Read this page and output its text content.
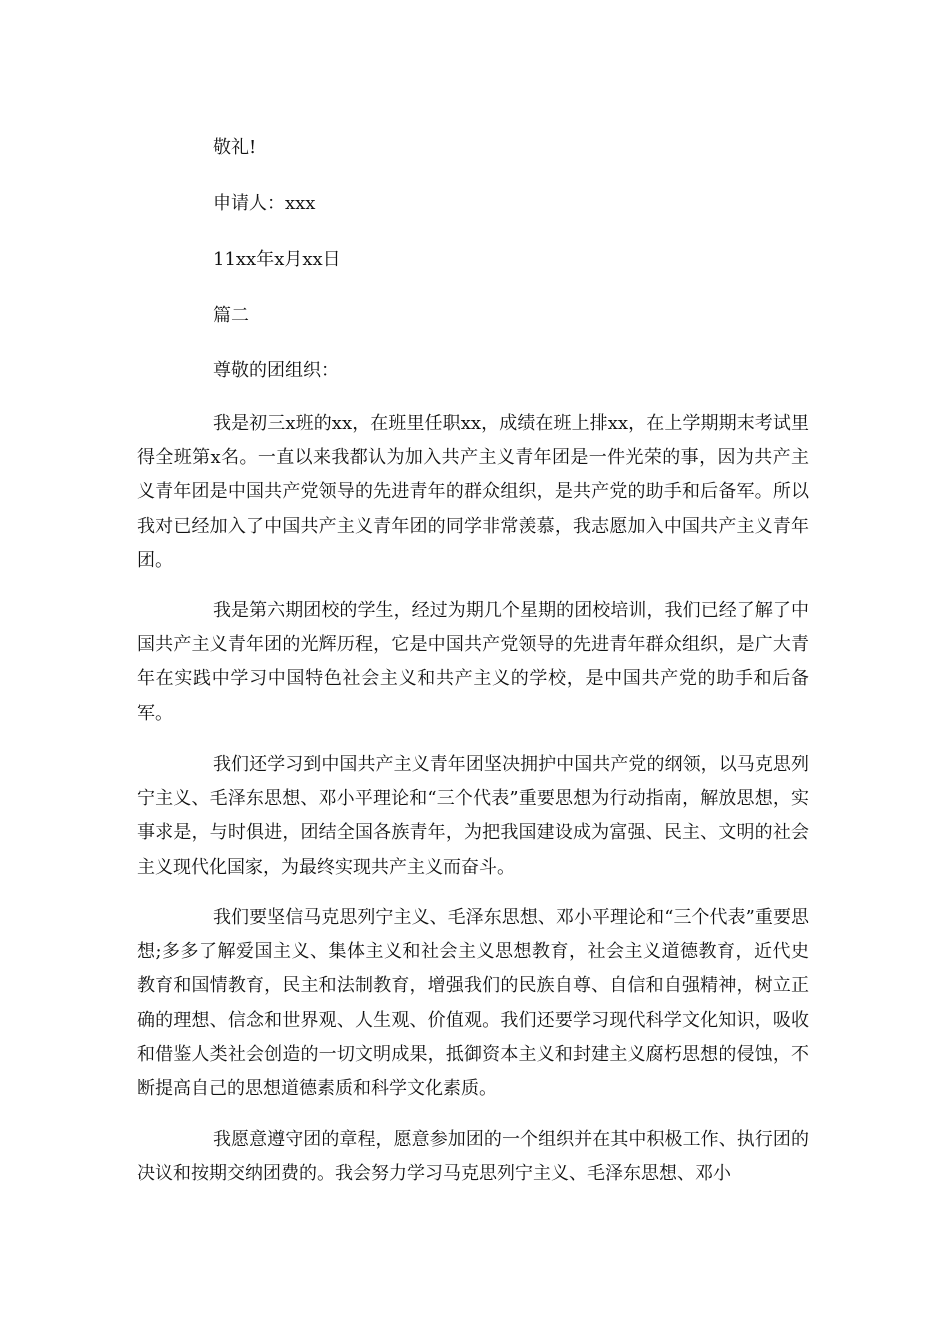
敬礼!

申请人：xxx

11xx年x月xx日

篇二

尊敬的团组织：

我是初三x班的xx，在班里任职xx，成绩在班上排xx，在上学期期末考试里得全班第x名。一直以来我都认为加入共产主义青年团是一件光荣的事，因为共产主义青年团是中国共产党领导的先进青年的群众组织，是共产党的助手和后备军。所以我对已经加入了中国共产主义青年团的同学非常羡慕，我志愿加入中国共产主义青年团。

我是第六期团校的学生，经过为期几个星期的团校培训，我们已经了解了中国共产主义青年团的光辉历程，它是中国共产党领导的先进青年群众组织，是广大青年在实践中学习中国特色社会主义和共产主义的学校，是中国共产党的助手和后备军。

我们还学习到中国共产主义青年团坚决拥护中国共产党的纲领，以马克思列宁主义、毛泽东思想、邓小平理论和“三个代表”重要思想为行动指南，解放思想，实事求是，与时俱进，团结全国各族青年，为把我国建设成为富强、民主、文明的社会主义现代化国家，为最终实现共产主义而奋斗。

我们要坚信马克思列宁主义、毛泽东思想、邓小平理论和“三个代表”重要思想;多多了解爱国主义、集体主义和社会主义思想教育，社会主义道德教育，近代史教育和国情教育，民主和法制教育，增强我们的民族自尊、自信和自强精神，树立正确的理想、信念和世界观、人生观、价值观。我们还要学习现代科学文化知识，吸收和借鉴人类社会创造的一切文明成果，抵御资本主义和封建主义腐朽思想的侵蚀，不断提高自己的思想道德素质和科学文化素质。

我愿意遵守团的章程，愿意参加团的一个组织并在其中积极工作、执行团的决议和按期交纳团费的。我会努力学习马克思列宁主义、毛泽东思想、邓小
